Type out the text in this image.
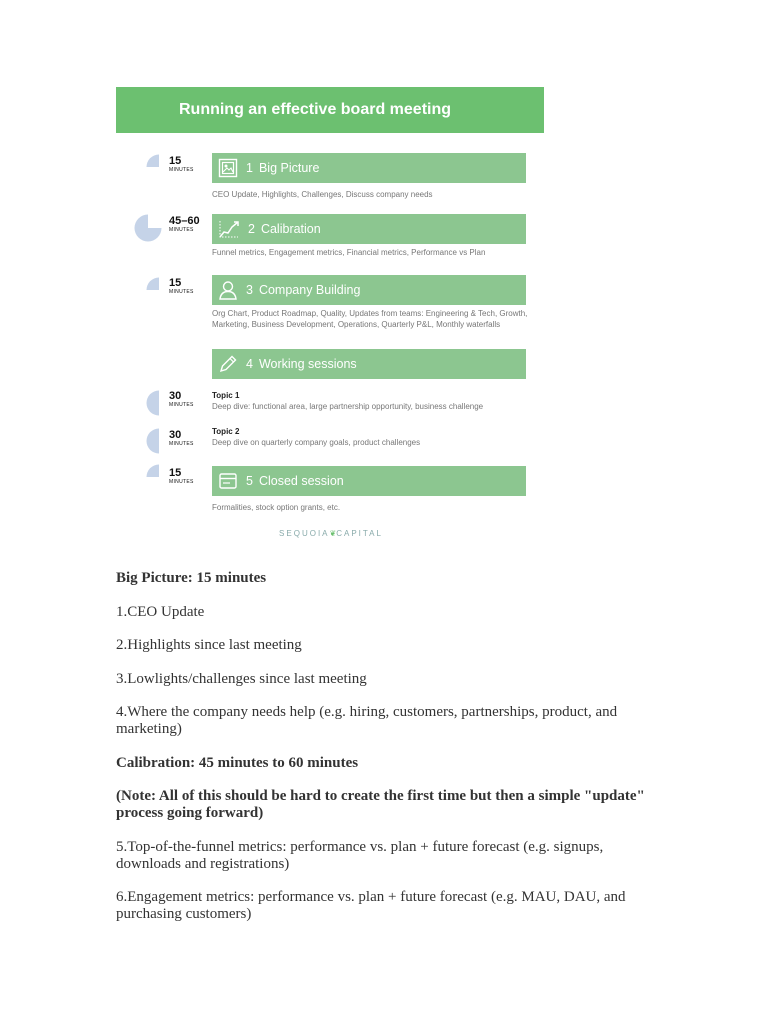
Running an effective board meeting
15
MINUTES	1 Big Picture
CEO Update, Highlights, Challenges, Discuss company needs
45–60
MINUTES	2 Calibration
Funnel metrics, Engagement metrics, Financial metrics, Performance vs Plan
15
MINUTES	3 Company Building
Org Chart, Product Roadmap, Quality, Updates from teams: Engineering & Tech, Growth, Marketing, Business Development, Operations, Quarterly P&L, Monthly waterfalls
4 Working sessions
30
MINUTES
Topic 1
Deep dive: functional area, large partnership opportunity, business challenge
30
MINUTES
Topic 2
Deep dive on quarterly company goals, product challenges
15
MINUTES	5 Closed session
Formalities, stock option grants, etc.
SEQUOIA❦CAPITAL

Big Picture: 15 minutes

1.CEO Update

2.Highlights since last meeting

3.Lowlights/challenges since last meeting

4.Where the company needs help (e.g. hiring, customers, partnerships, product, and marketing)

Calibration: 45 minutes to 60 minutes

(Note: All of this should be hard to create the first time but then a simple "update" process going forward)

5.Top-of-the-funnel metrics: performance vs. plan + future forecast (e.g. signups, downloads and registrations)

6.Engagement metrics: performance vs. plan + future forecast (e.g. MAU, DAU, and purchasing customers)
